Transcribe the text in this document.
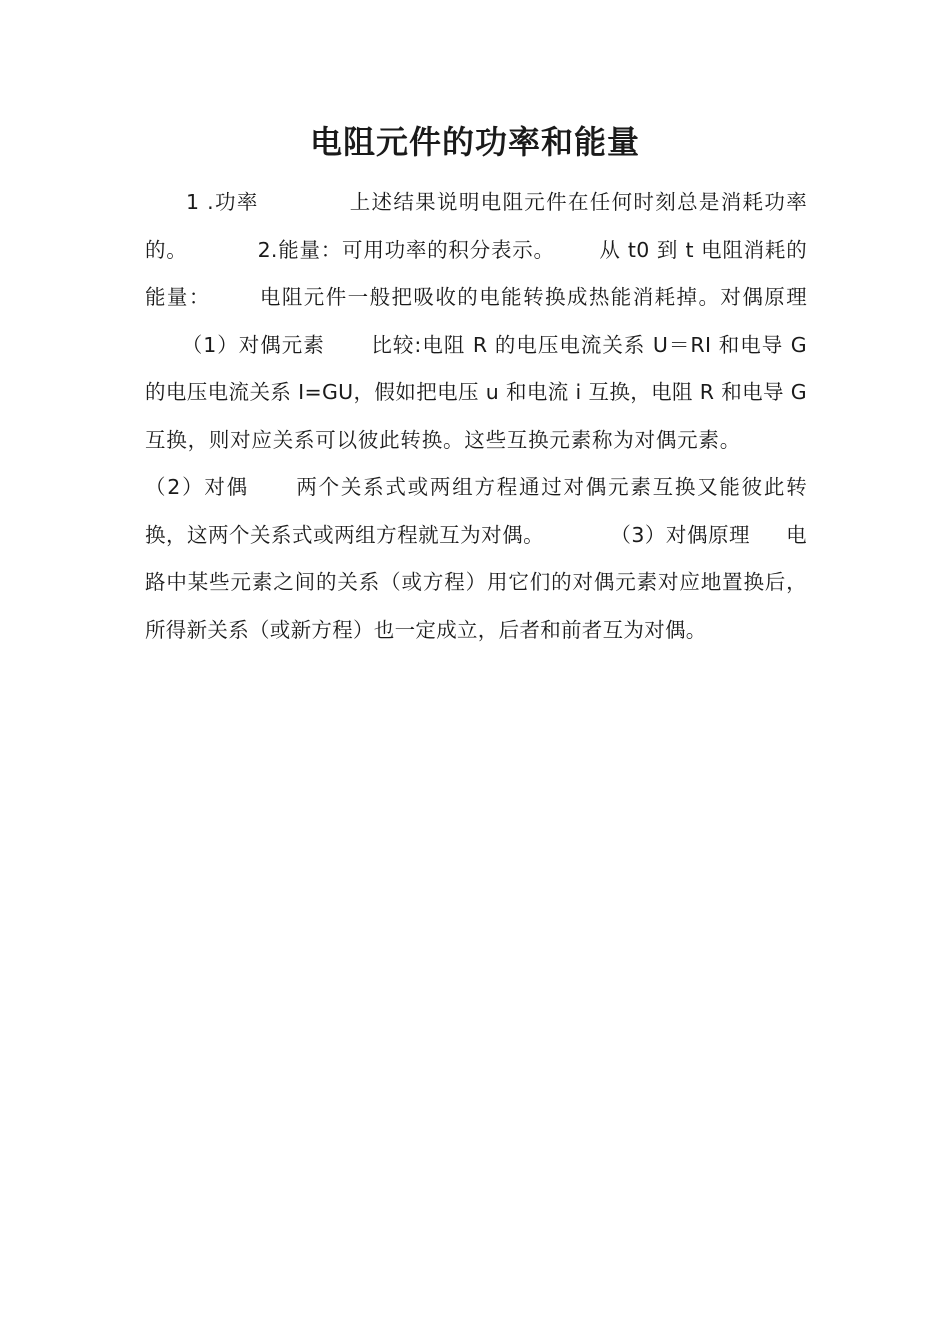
电阻元件的功率和能量

1 .功率	上述结果说明电阻元件在任何时刻总是消耗功率的。	2.能量：可用功率的积分表示。 从 t0 到 t 电阻消耗的能量： 电阻元件一般把吸收的电能转换成热能消耗掉。对偶原理（1）对偶元素 比较:电阻 R 的电压电流关系 U＝RI 和电导 G 的电压电流关系 I=GU，假如把电压 u 和电流 i 互换，电阻 R 和电导 G 互换，则对应关系可以彼此转换。这些互换元素称为对偶元素。（2）对偶 两个关系式或两组方程通过对偶元素互换又能彼此转换，这两个关系式或两组方程就互为对偶。	（3）对偶原理 电路中某些元素之间的关系（或方程）用它们的对偶元素对应地置换后，所得新关系（或新方程）也一定成立，后者和前者互为对偶。
